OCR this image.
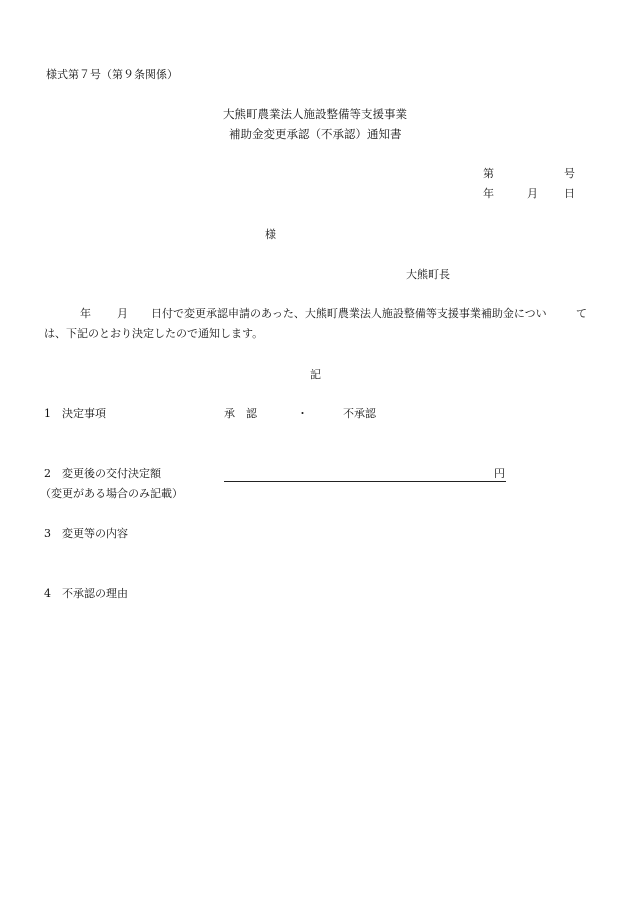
様式第７号（第９条関係）
大熊町農業法人施設整備等支援事業
補助金変更承認（不承認）通知書
第	号
年	月 日
様
大熊町長
年 月 日付で変更承認申請のあった、大熊町農業法人施設整備等支援事業補助金につい	て
は、下記のとおり決定したので通知します。
記
1 決定事項	承　認	・	不承認
2 変更後の交付決定額	円
（変更がある場合のみ記載）
3 変更等の内容
4 不承認の理由
